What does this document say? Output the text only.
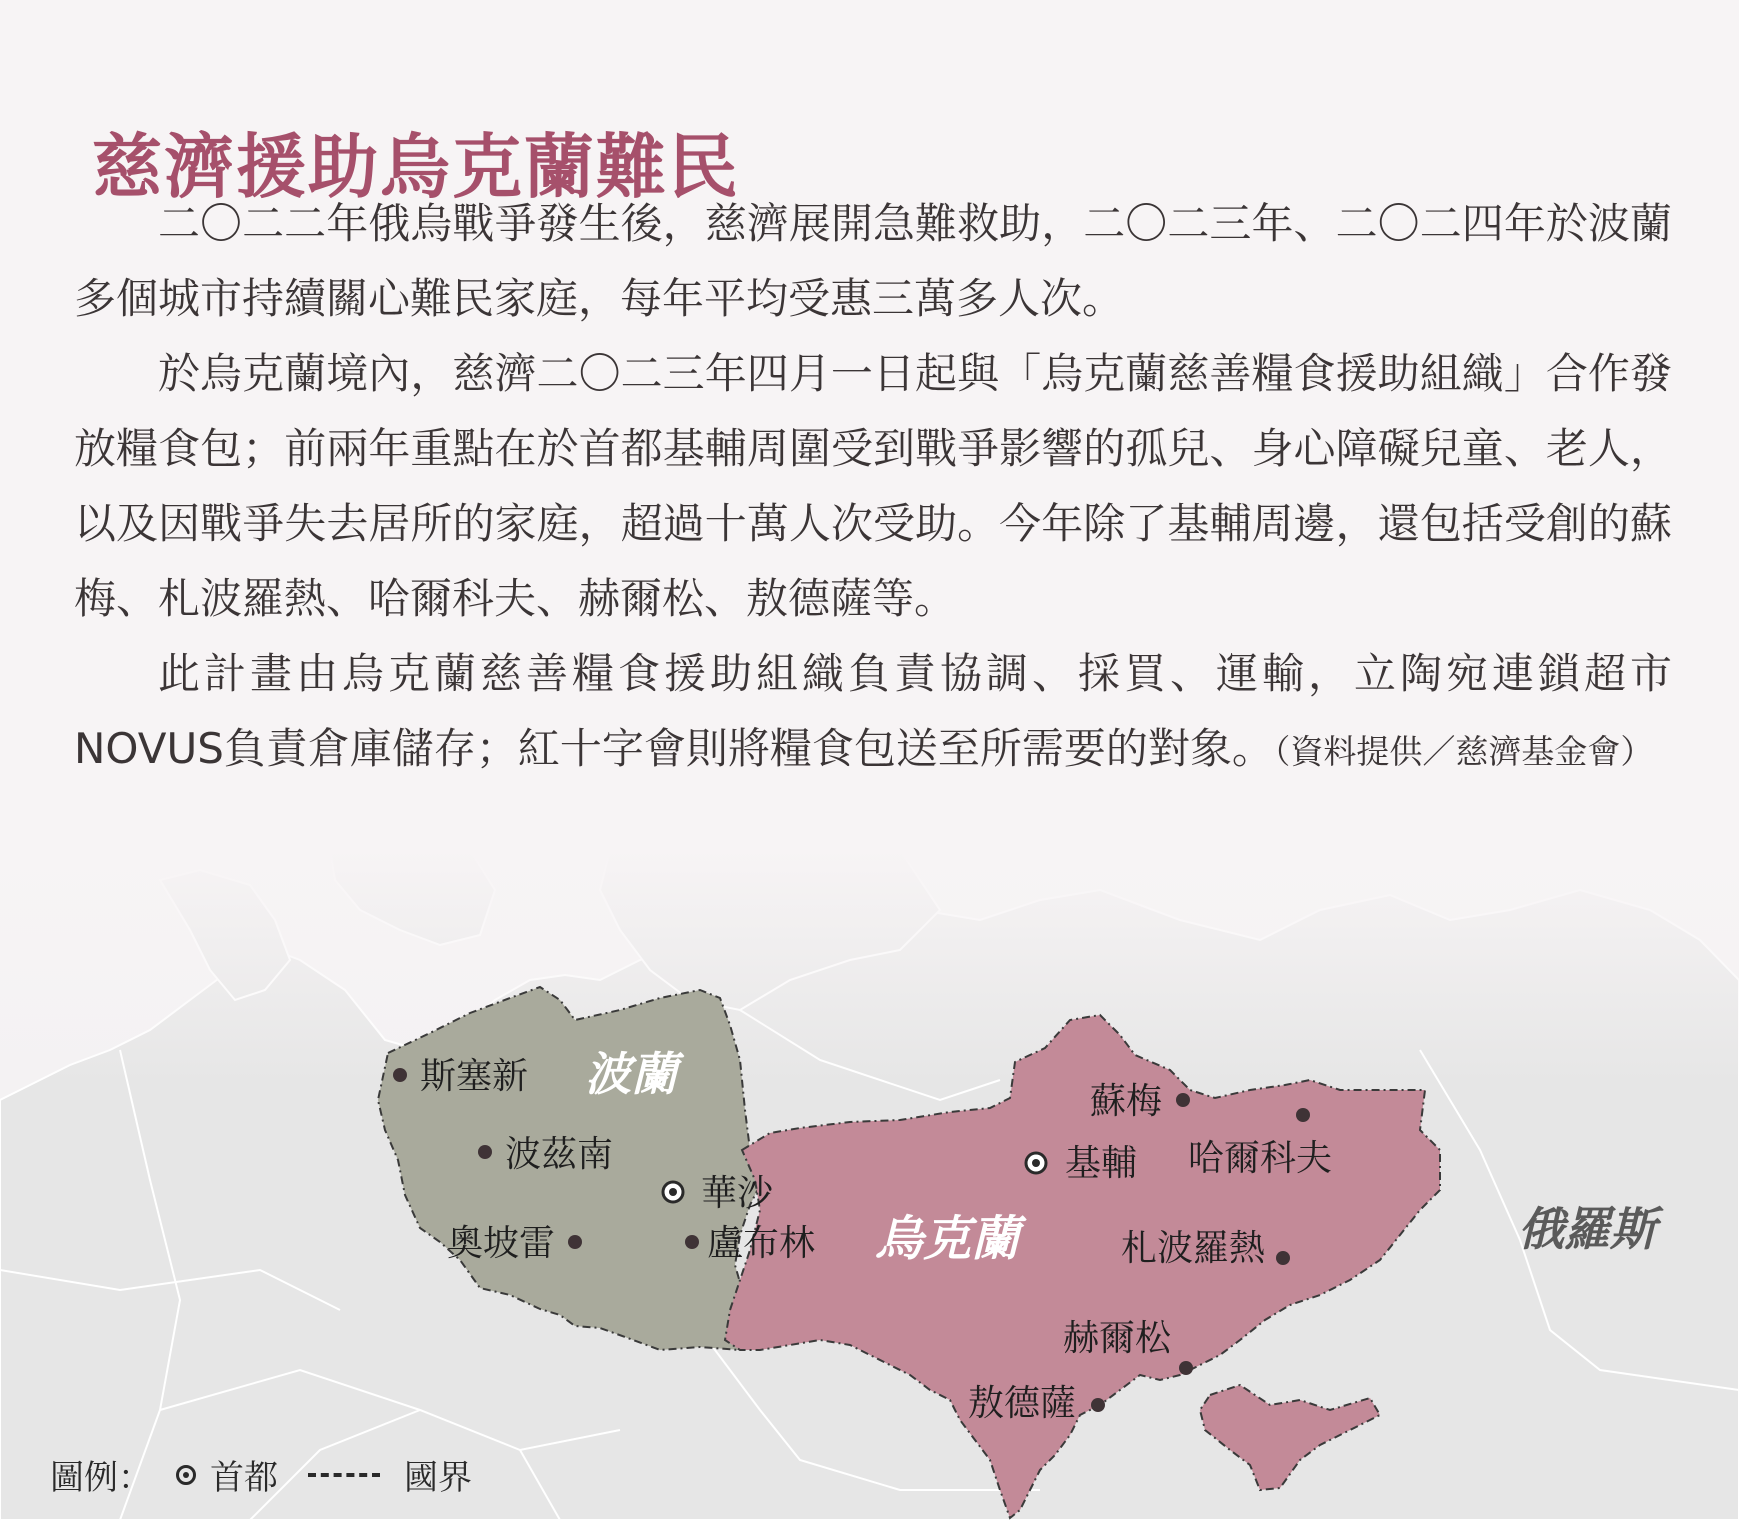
慈濟援助烏克蘭難民

二〇二二年俄烏戰爭發生後，慈濟展開急難救助，二〇二三年、二〇二四年於波蘭多個城市持續關心難民家庭，每年平均受惠三萬多人次。

於烏克蘭境內，慈濟二〇二三年四月一日起與「烏克蘭慈善糧食援助組織」合作發放糧食包；前兩年重點在於首都基輔周圍受到戰爭影響的孤兒、身心障礙兒童、老人，以及因戰爭失去居所的家庭，超過十萬人次受助。今年除了基輔周邊，還包括受創的蘇梅、札波羅熱、哈爾科夫、赫爾松、敖德薩等。

此計畫由烏克蘭慈善糧食援助組織負責協調、採買、運輸，立陶宛連鎖超市NOVUS負責倉庫儲存；紅十字會則將糧食包送至所需要的對象。（資料提供／慈濟基金會）

波蘭
烏克蘭	俄羅斯
斯塞新
波茲南
華沙
奧坡雷	盧布林
蘇梅
基輔 哈爾科夫
札波羅熱
赫爾松
敖德薩
圖例： 首都	國界
